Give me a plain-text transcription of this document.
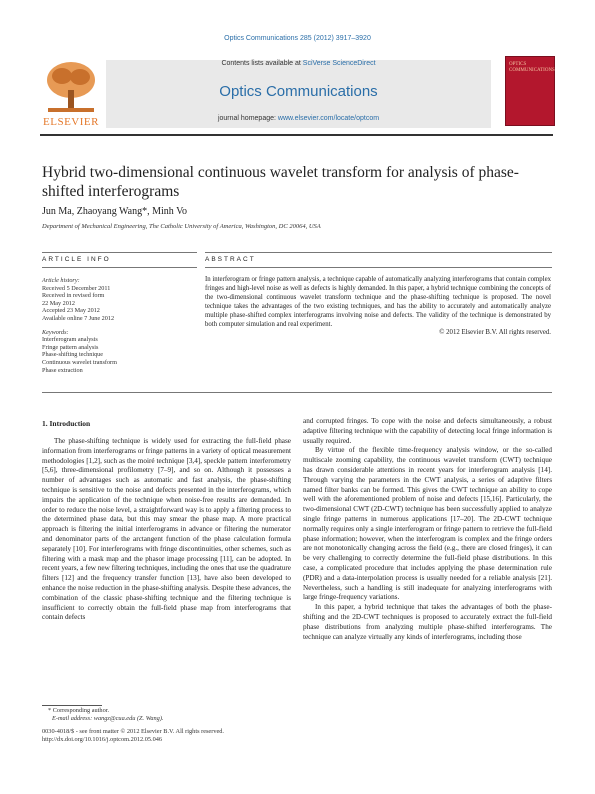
Optics Communications 285 (2012) 3917–3920
Contents lists available at SciVerse ScienceDirect
Optics Communications
journal homepage: www.elsevier.com/locate/optcom
ELSEVIER
OPTICS COMMUNICATIONS
Hybrid two-dimensional continuous wavelet transform for analysis of phase-shifted interferograms
Jun Ma, Zhaoyang Wang*, Minh Vo
Department of Mechanical Engineering, The Catholic University of America, Washington, DC 20064, USA
ARTICLE INFO	ABSTRACT
Article history:
Received 5 December 2011
Received in revised form
22 May 2012
Accepted 23 May 2012
Available online 7 June 2012
Keywords:
Interferogram analysis
Fringe pattern analysis
Phase-shifting technique
Continuous wavelet transform
Phase extraction
In interferogram or fringe pattern analysis, a technique capable of automatically analyzing interferograms that contain complex fringes and high-level noise as well as defects is highly demanded. In this paper, a hybrid technique combining the concepts of the two-dimensional continuous wavelet transform technique and the phase-shifting technique is proposed. The novel technique takes the advantages of the two existing techniques, and has the ability to accurately and automatically analyze multiple phase-shifted complex interferograms involving noise and defects. The validity of the technique is demonstrated by both computer simulation and real experiment.
© 2012 Elsevier B.V. All rights reserved.
1. Introduction

The phase-shifting technique is widely used for extracting the full-field phase information from interferograms or fringe patterns in a variety of optical measurement methodologies [1,2], such as the moiré technique [3,4], speckle pattern interferometry [5,6], three-dimensional profilometry [7–9], and so on. Although it possesses a number of advantages such as automatic and fast analysis, the phase-shifting technique is sensitive to the noise and defects presented in the interferograms, which impairs the application of the technique when noise-free results are demanded. In order to reduce the noise level, a straightforward way is to apply a filtering process to the determined phase data, but this may smear the phase map. A more practical approach is filtering the initial interferograms in advance or filtering the numerator and denominator parts of the arctangent function of the phase calculation formula separately [10]. For interferograms with fringe discontinuities, other schemes, such as filtering with a mask map and the phasor image processing [11], can be adopted. In recent years, a few new filtering techniques, including the ones that use the quadrature filters [12] and the frequency transfer function [13], have also been developed to enhance the noise reduction in the phase-shifting analysis. Despite these advances, the combination of the classic phase-shifting technique and the filtering technique is insufficient to correctly obtain the full-field phase map from interferograms that contain defects

and corrupted fringes. To cope with the noise and defects simultaneously, a robust adaptive filtering technique with the capability of detecting local fringe information is usually required.

By virtue of the flexible time-frequency analysis window, or the so-called multiscale zooming capability, the continuous wavelet transform (CWT) technique has drawn considerable attentions in recent years for interferogram analysis [14]. Through varying the parameters in the CWT analysis, a series of adaptive filters named filter banks can be formed. This gives the CWT technique an ability to cope well with the aforementioned problem of noise and defects [15,16]. Particularly, the two-dimensional CWT (2D-CWT) technique has been successfully applied to analyze single fringe patterns in numerous applications [17–20]. The 2D-CWT technique normally requires only a single interferogram or fringe pattern to retrieve the full-field phase information; however, when the interferogram is complex and the fringe orders are not monotonically changing across the field (e.g., there are closed fringes), it can be very challenging to correctly determine the full-field phase distributions. In this case, a complicated procedure that includes applying the phase determination rule (PDR) and a data-interpolation process is usually needed for a reliable analysis [21]. Nevertheless, such a handling is still inadequate for analyzing interferograms with large fringe-frequency variations.

In this paper, a hybrid technique that takes the advantages of both the phase-shifting and the 2D-CWT techniques is proposed to accurately extract the full-field phase distributions from analyzing multiple phase-shifted interferograms. The technique can analyze virtually any kinds of interferograms, including those

* Corresponding author.
E-mail address: wangz@cua.edu (Z. Wang).
0030-4018/$ - see front matter © 2012 Elsevier B.V. All rights reserved.
http://dx.doi.org/10.1016/j.optcom.2012.05.046
